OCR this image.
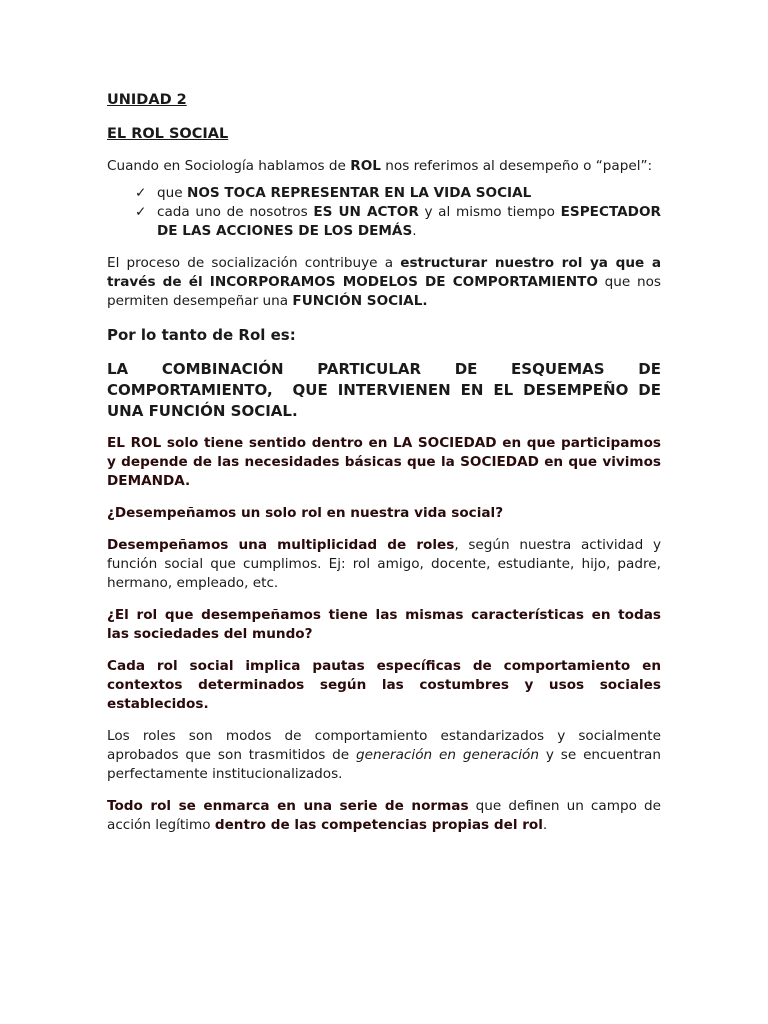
UNIDAD 2

EL ROL SOCIAL

Cuando en Sociología hablamos de ROL nos referimos al desempeño o “papel”:

✓ que NOS TOCA REPRESENTAR EN LA VIDA SOCIAL
✓ cada uno de nosotros ES UN ACTOR y al mismo tiempo ESPECTADOR DE LAS ACCIONES DE LOS DEMÁS.

El proceso de socialización contribuye a estructurar nuestro rol ya que a través de él INCORPORAMOS MODELOS DE COMPORTAMIENTO que nos permiten desempeñar una FUNCIÓN SOCIAL.

Por lo tanto de Rol es:

LA COMBINACIÓN PARTICULAR DE ESQUEMAS DE
COMPORTAMIENTO,  QUE INTERVIENEN EN EL DESEMPEÑO DE
UNA FUNCIÓN SOCIAL.

EL ROL solo tiene sentido dentro en LA SOCIEDAD en que participamos y depende de las necesidades básicas que la SOCIEDAD en que vivimos DEMANDA.

¿Desempeñamos un solo rol en nuestra vida social?

Desempeñamos una multiplicidad de roles, según nuestra actividad y función social que cumplimos. Ej: rol amigo, docente, estudiante, hijo, padre, hermano, empleado, etc.

¿El rol que desempeñamos tiene las mismas características en todas las sociedades del mundo?

Cada rol social implica pautas específicas de comportamiento en contextos determinados según las costumbres y usos sociales establecidos.

Los roles son modos de comportamiento estandarizados y socialmente aprobados que son trasmitidos de generación en generación y se encuentran perfectamente institucionalizados.

Todo rol se enmarca en una serie de normas que definen un campo de acción legítimo dentro de las competencias propias del rol.
